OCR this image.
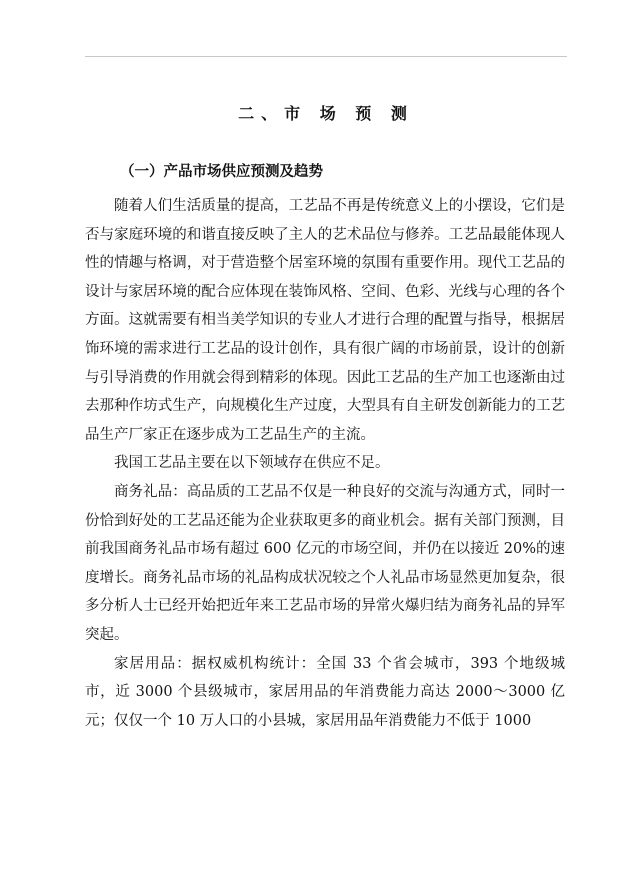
二、市 场 预 测
（一）产品市场供应预测及趋势

随着人们生活质量的提高，工艺品不再是传统意义上的小摆设，它们是否与家庭环境的和谐直接反映了主人的艺术品位与修养。工艺品最能体现人性的情趣与格调，对于营造整个居室环境的氛围有重要作用。现代工艺品的设计与家居环境的配合应体现在装饰风格、空间、色彩、光线与心理的各个方面。这就需要有相当美学知识的专业人才进行合理的配置与指导，根据居饰环境的需求进行工艺品的设计创作，具有很广阔的市场前景，设计的创新与引导消费的作用就会得到精彩的体现。因此工艺品的生产加工也逐渐由过去那种作坊式生产，向规模化生产过度，大型具有自主研发创新能力的工艺品生产厂家正在逐步成为工艺品生产的主流。

我国工艺品主要在以下领域存在供应不足。

商务礼品：高品质的工艺品不仅是一种良好的交流与沟通方式，同时一份恰到好处的工艺品还能为企业获取更多的商业机会。据有关部门预测，目前我国商务礼品市场有超过 600 亿元的市场空间，并仍在以接近 20%的速度增长。商务礼品市场的礼品构成状况较之个人礼品市场显然更加复杂，很多分析人士已经开始把近年来工艺品市场的异常火爆归结为商务礼品的异军突起。

家居用品：据权威机构统计：全国 33 个省会城市，393 个地级城市，近 3000 个县级城市，家居用品的年消费能力高达 2000～3000 亿元；仅仅一个 10 万人口的小县城，家居用品年消费能力不低于 1000
